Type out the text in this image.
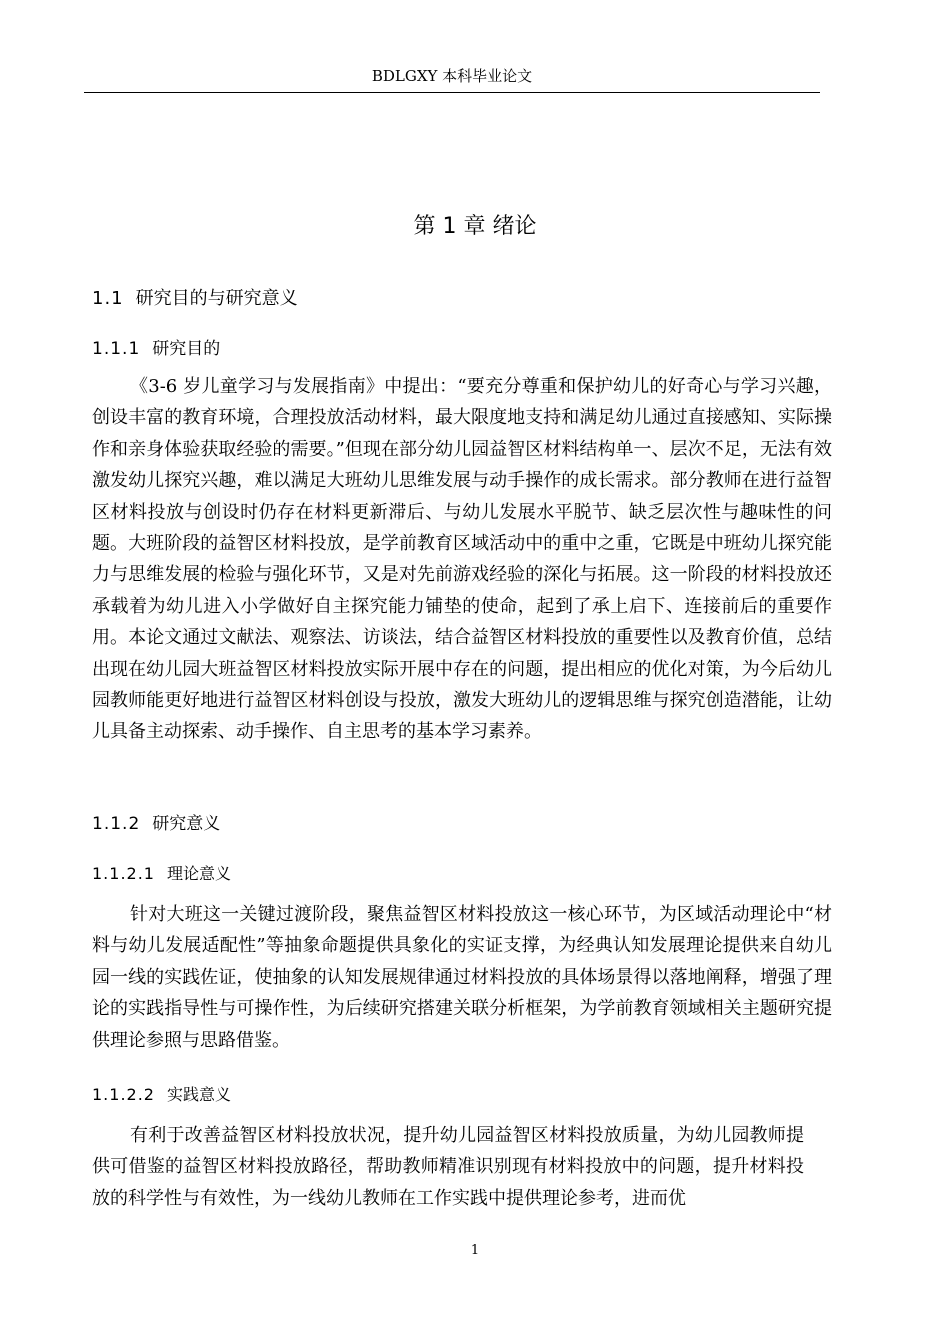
BDLGXY 本科毕业论文
第 1 章 绪论
1.1 研究目的与研究意义
1.1.1 研究目的

《3-6 岁儿童学习与发展指南》中提出：“要充分尊重和保护幼儿的好奇心与学习兴趣，创设丰富的教育环境，合理投放活动材料，最大限度地支持和满足幼儿通过直接感知、实际操作和亲身体验获取经验的需要。”但现在部分幼儿园益智区材料结构单一、层次不足，无法有效激发幼儿探究兴趣，难以满足大班幼儿思维发展与动手操作的成长需求。部分教师在进行益智区材料投放与创设时仍存在材料更新滞后、与幼儿发展水平脱节、缺乏层次性与趣味性的问题。大班阶段的益智区材料投放，是学前教育区域活动中的重中之重，它既是中班幼儿探究能力与思维发展的检验与强化环节，又是对先前游戏经验的深化与拓展。这一阶段的材料投放还承载着为幼儿进入小学做好自主探究能力铺垫的使命，起到了承上启下、连接前后的重要作用。本论文通过文献法、观察法、访谈法，结合益智区材料投放的重要性以及教育价值，总结出现在幼儿园大班益智区材料投放实际开展中存在的问题，提出相应的优化对策，为今后幼儿园教师能更好地进行益智区材料创设与投放，激发大班幼儿的逻辑思维与探究创造潜能，让幼儿具备主动探索、动手操作、自主思考的基本学习素养。

1.1.2 研究意义
1.1.2.1 理论意义

针对大班这一关键过渡阶段，聚焦益智区材料投放这一核心环节，为区域活动理论中“材料与幼儿发展适配性”等抽象命题提供具象化的实证支撑，为经典认知发展理论提供来自幼儿园一线的实践佐证，使抽象的认知发展规律通过材料投放的具体场景得以落地阐释，增强了理论的实践指导性与可操作性，为后续研究搭建关联分析框架，为学前教育领域相关主题研究提供理论参照与思路借鉴。

1.1.2.2 实践意义

有利于改善益智区材料投放状况，提升幼儿园益智区材料投放质量，为幼儿园教师提供可借鉴的益智区材料投放路径，帮助教师精准识别现有材料投放中的问题，提升材料投放的科学性与有效性，为一线幼儿教师在工作实践中提供理论参考，进而优

1
